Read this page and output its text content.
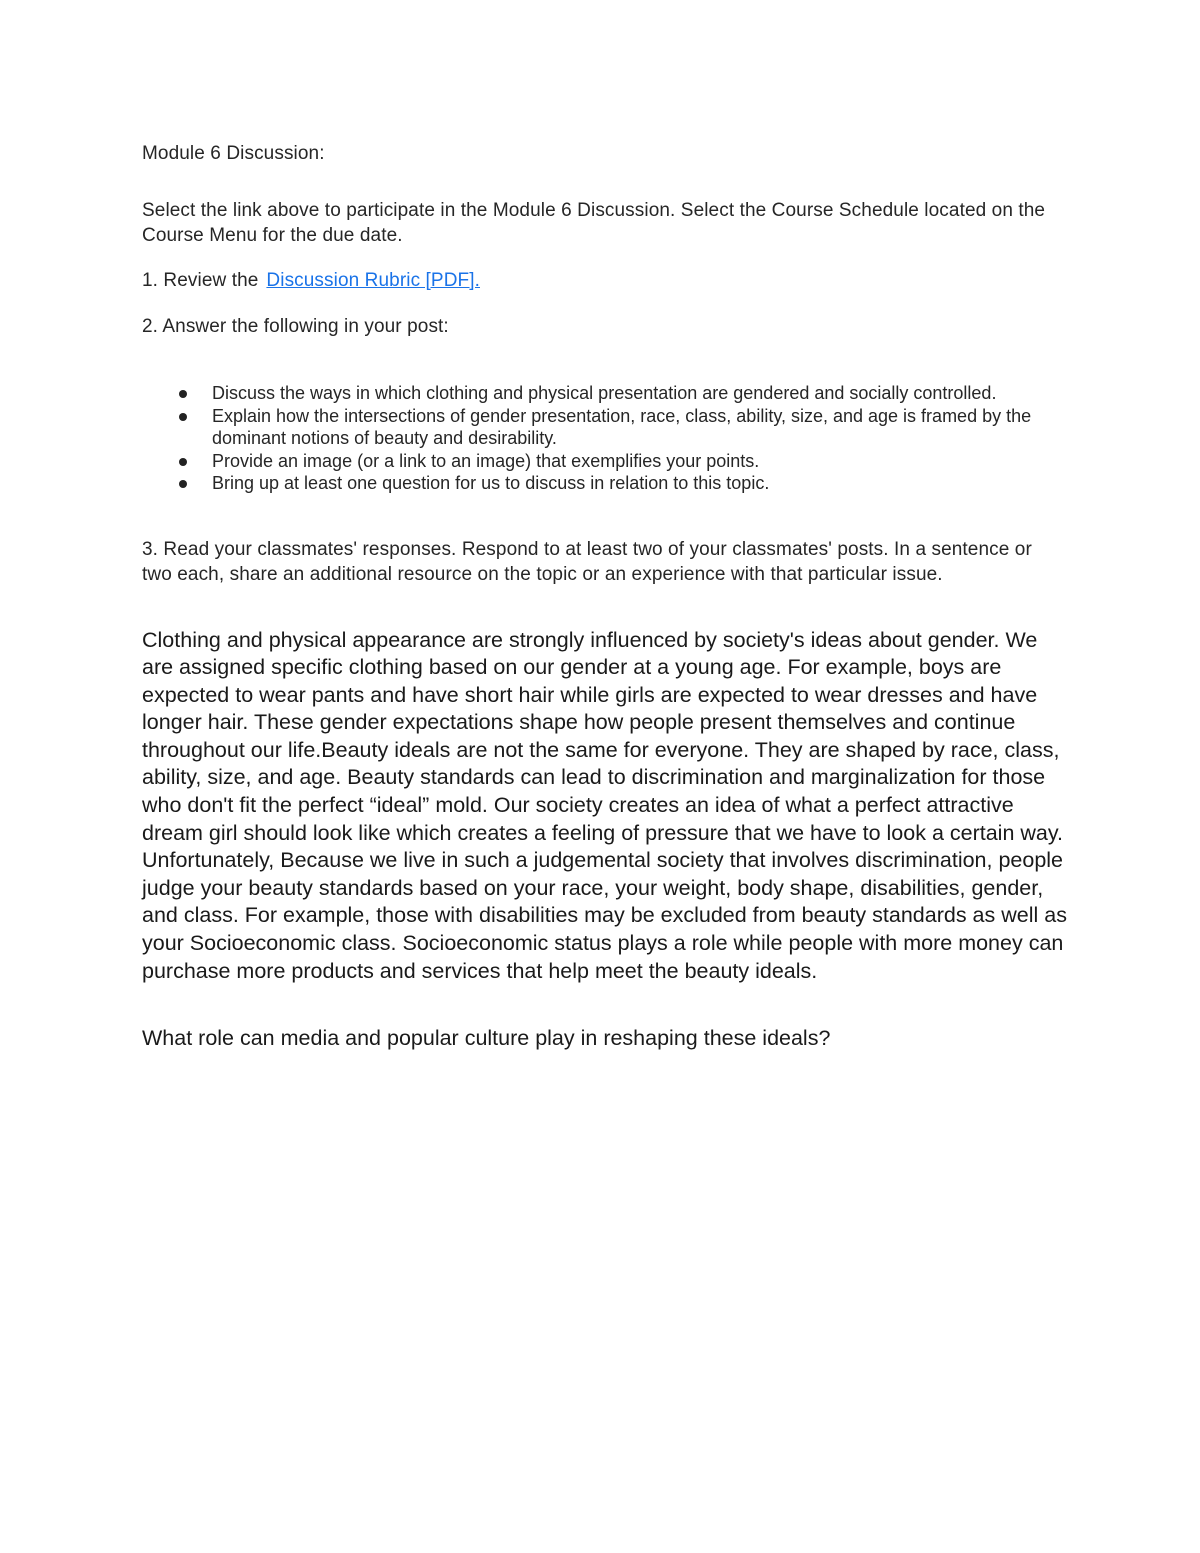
Module 6 Discussion:

Select the link above to participate in the Module 6 Discussion. Select the Course Schedule located on the Course Menu for the due date.

1. Review the Discussion Rubric [PDF].

2. Answer the following in your post:

Discuss the ways in which clothing and physical presentation are gendered and socially controlled.
Explain how the intersections of gender presentation, race, class, ability, size, and age is framed by the dominant notions of beauty and desirability.
Provide an image (or a link to an image) that exemplifies your points.
Bring up at least one question for us to discuss in relation to this topic.

3. Read your classmates' responses. Respond to at least two of your classmates' posts. In a sentence or two each, share an additional resource on the topic or an experience with that particular issue.

Clothing and physical appearance are strongly influenced by society's ideas about gender. We are assigned specific clothing based on our gender at a young age. For example, boys are expected to wear pants and have short hair while girls are expected to wear dresses and have longer hair. These gender expectations shape how people present themselves and continue throughout our life.Beauty ideals are not the same for everyone. They are shaped by race, class, ability, size, and age. Beauty standards can lead to discrimination and marginalization for those who don't fit the perfect “ideal” mold. Our society creates an idea of what a perfect attractive dream girl should look like which creates a feeling of pressure that we have to look a certain way. Unfortunately, Because we live in such a judgemental society that involves discrimination, people judge your beauty standards based on your race, your weight, body shape, disabilities, gender, and class. For example, those with disabilities may be excluded from beauty standards as well as your Socioeconomic class. Socioeconomic status plays a role while people with more money can purchase more products and services that help meet the beauty ideals.

What role can media and popular culture play in reshaping these ideals?
